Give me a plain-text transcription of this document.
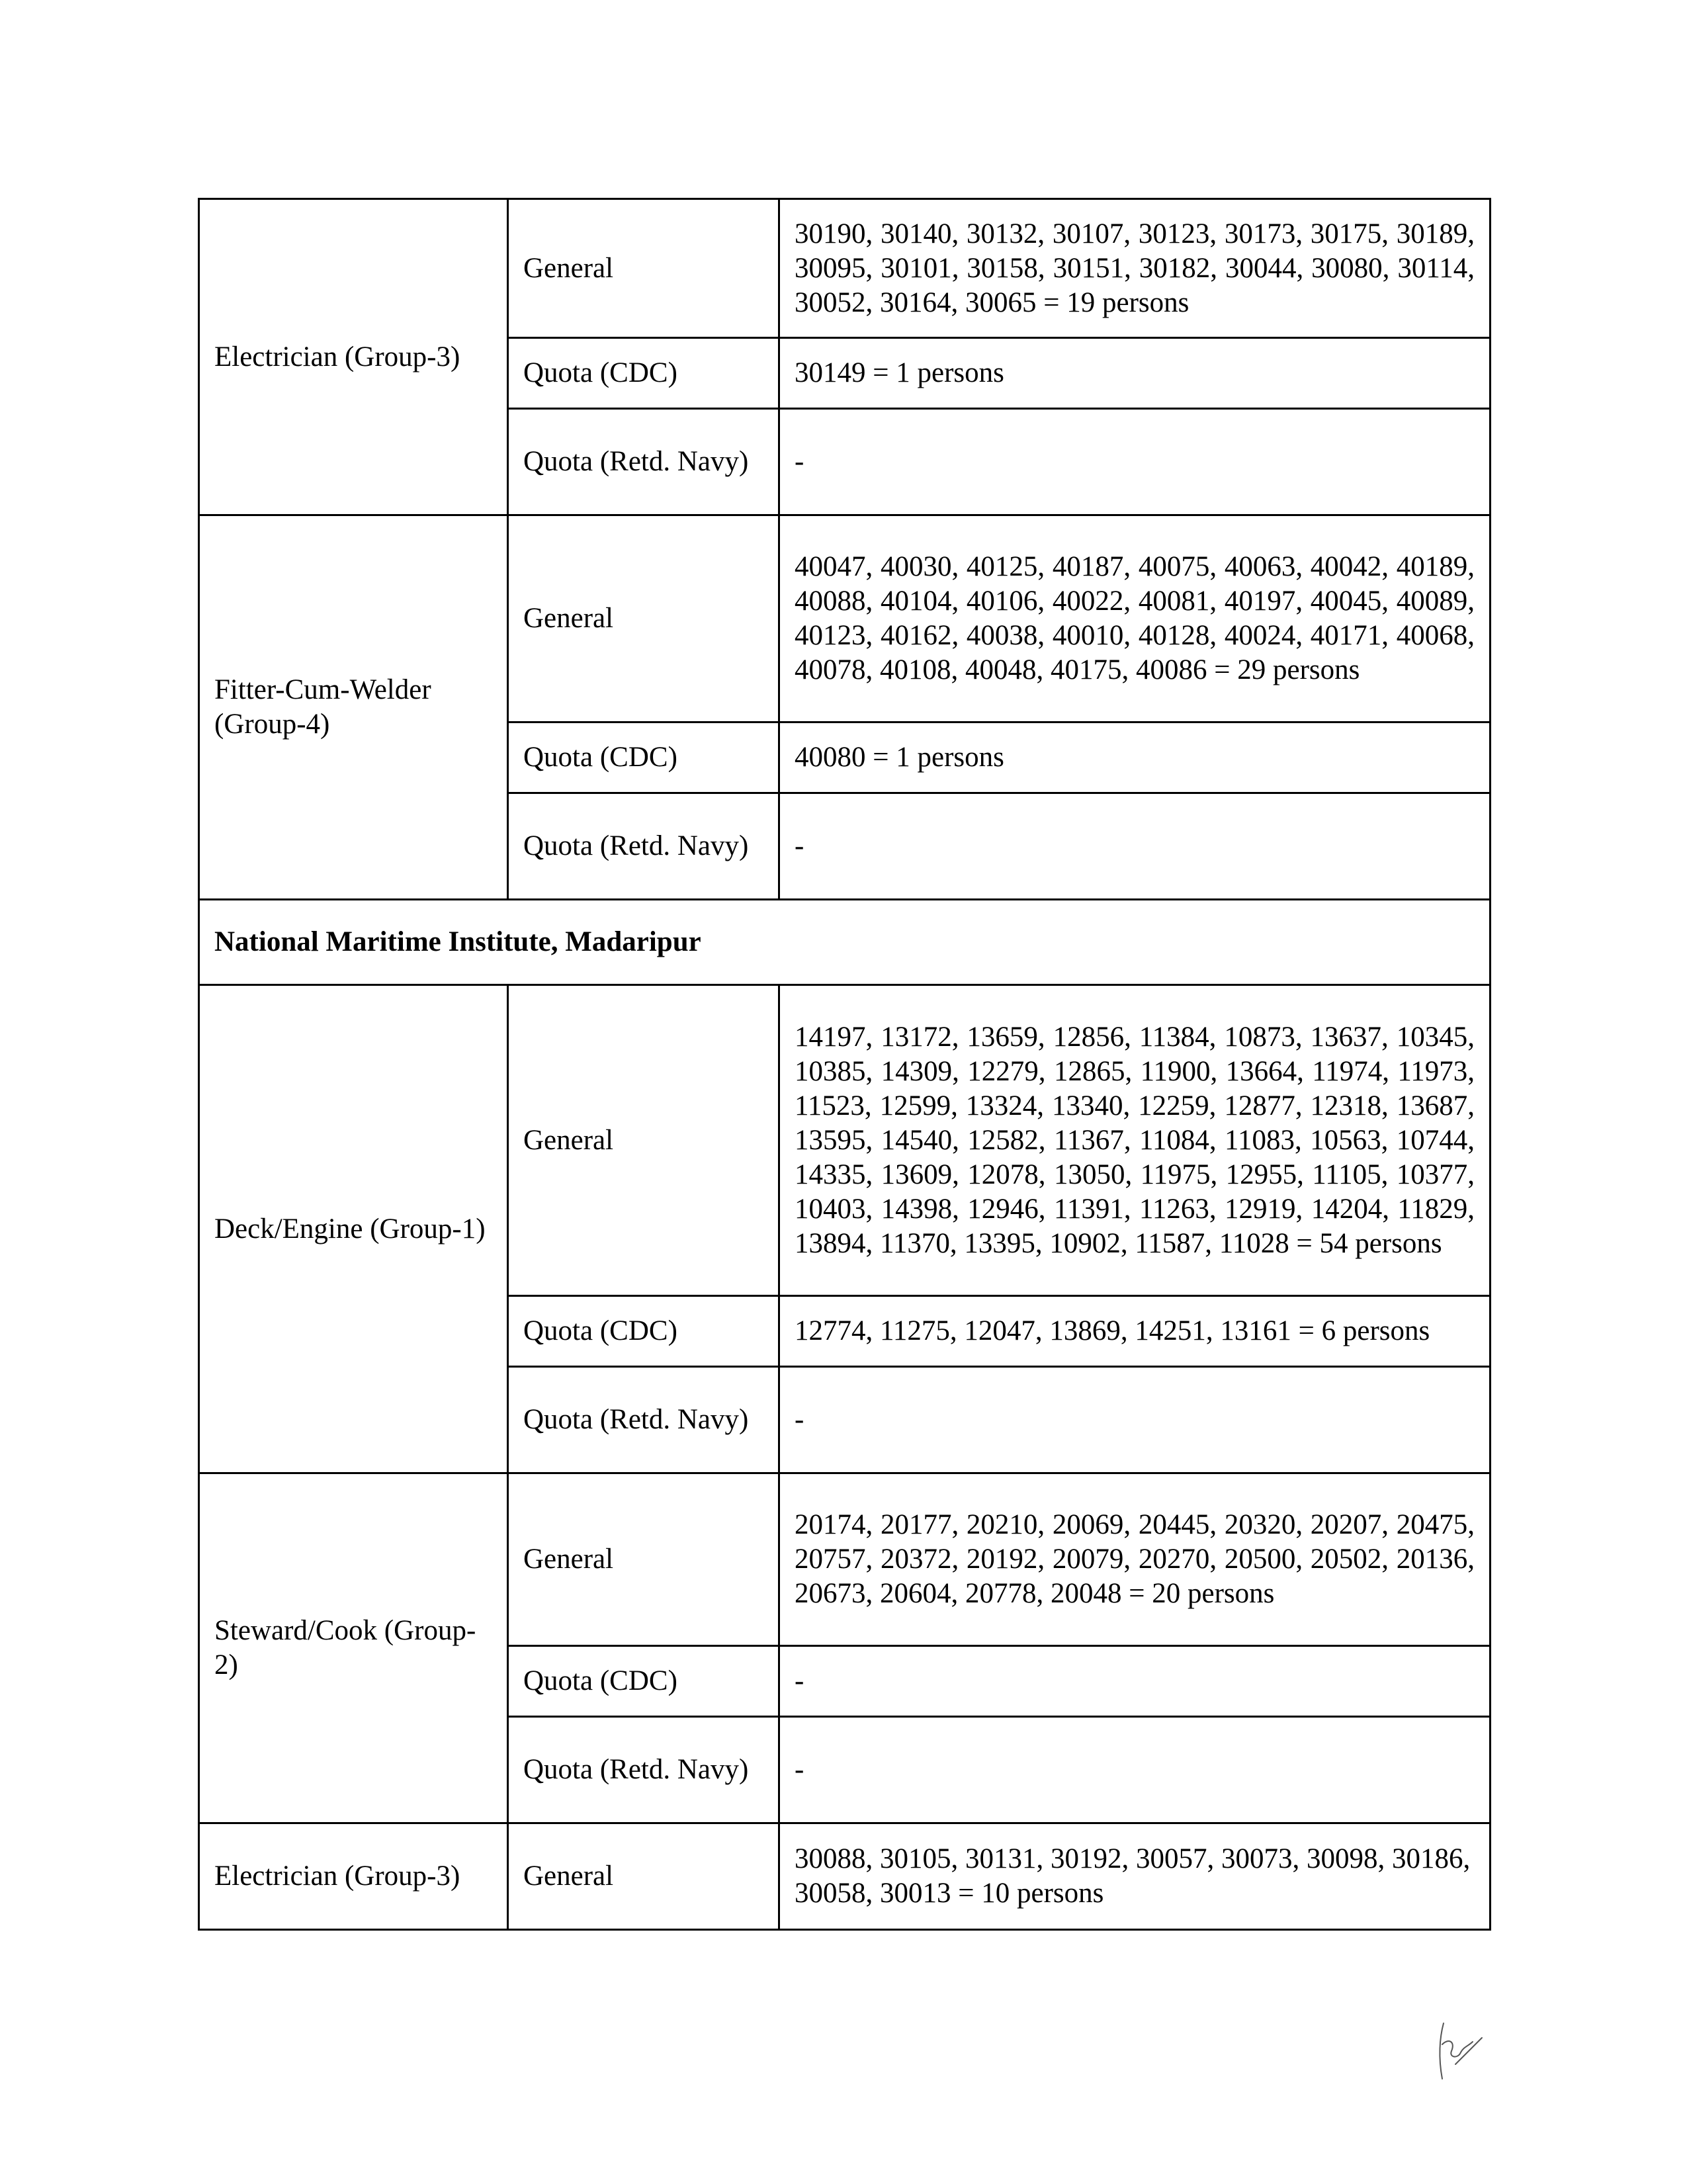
Electrician (Group-3)	General	30190, 30140, 30132, 30107, 30123, 30173, 30175, 30189, 30095, 30101, 30158, 30151, 30182, 30044, 30080, 30114, 30052, 30164, 30065 = 19 persons
	Quota (CDC)	30149 = 1 persons
	Quota (Retd. Navy)	-
Fitter-Cum-Welder (Group-4)	General	40047, 40030, 40125, 40187, 40075, 40063, 40042, 40189, 40088, 40104, 40106, 40022, 40081, 40197, 40045, 40089, 40123, 40162, 40038, 40010, 40128, 40024, 40171, 40068, 40078, 40108, 40048, 40175, 40086 = 29 persons
	Quota (CDC)	40080 = 1 persons
	Quota (Retd. Navy)	-
National Maritime Institute, Madaripur		
Deck/Engine (Group-1)	General	14197, 13172, 13659, 12856, 11384, 10873, 13637, 10345, 10385, 14309, 12279, 12865, 11900, 13664, 11974, 11973, 11523, 12599, 13324, 13340, 12259, 12877, 12318, 13687, 13595, 14540, 12582, 11367, 11084, 11083, 10563, 10744, 14335, 13609, 12078, 13050, 11975, 12955, 11105, 10377, 10403, 14398, 12946, 11391, 11263, 12919, 14204, 11829, 13894, 11370, 13395, 10902, 11587, 11028 = 54 persons
	Quota (CDC)	12774, 11275, 12047, 13869, 14251, 13161 = 6 persons
	Quota (Retd. Navy)	-
Steward/Cook (Group-2)	General	20174, 20177, 20210, 20069, 20445, 20320, 20207, 20475, 20757, 20372, 20192, 20079, 20270, 20500, 20502, 20136, 20673, 20604, 20778, 20048 = 20 persons
	Quota (CDC)	-
	Quota (Retd. Navy)	-
Electrician (Group-3)	General	30088, 30105, 30131, 30192, 30057, 30073, 30098, 30186, 30058, 30013 = 10 persons
